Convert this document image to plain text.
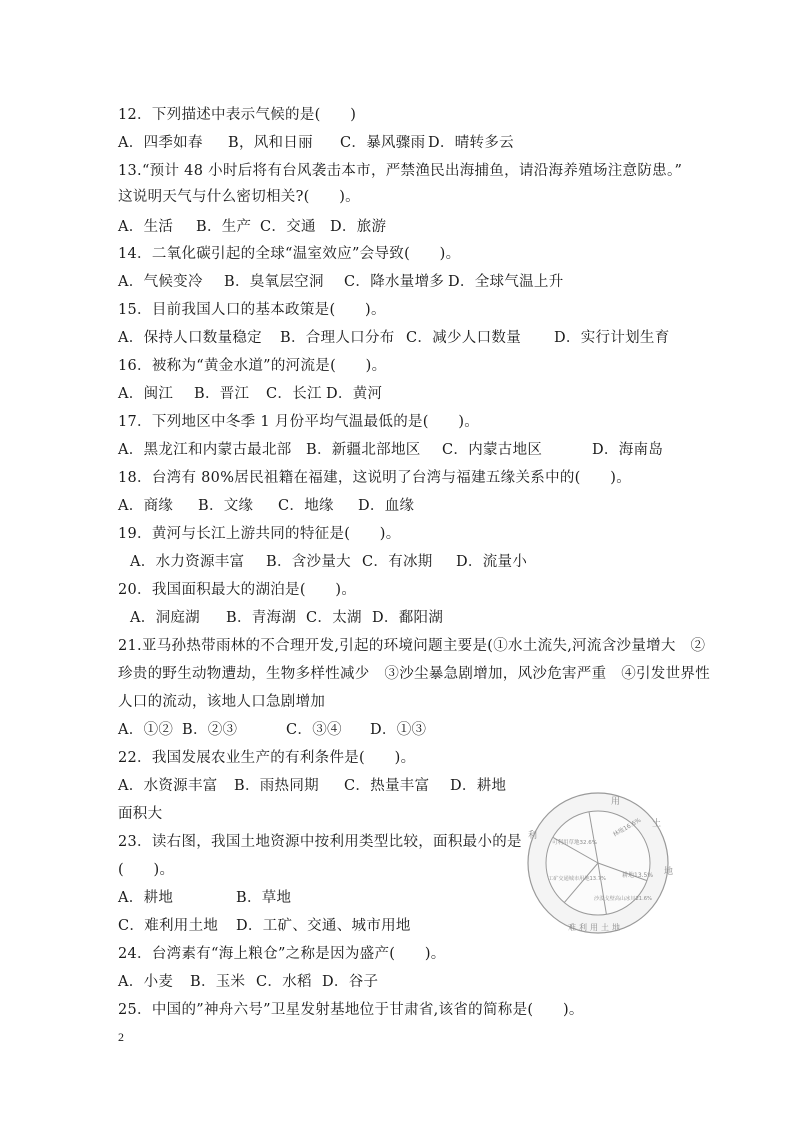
12．下列描述中表示气候的是(　　)
A．四季如春 B，风和日丽 C．暴风骤雨 D．晴转多云
13.“预计 48 小时后将有台风袭击本市，严禁渔民出海捕鱼，请沿海养殖场注意防患。”
这说明天气与什么密切相关?(　　)。
A．生活 B．生产 C．交通 D．旅游
14．二氧化碳引起的全球“温室效应”会导致(　　)。
A．气候变冷 B．臭氧层空洞 C．降水量增多 D．全球气温上升
15．目前我国人口的基本政策是(　　)。
A．保持人口数量稳定 B．合理人口分布 C．减少人口数量 D．实行计划生育
16．被称为“黄金水道”的河流是(　　)。
A．闽江 B．晋江 C．长江 D．黄河
17．下列地区中冬季 1 月份平均气温最低的是(　　)。
A．黑龙江和内蒙古最北部 B．新疆北部地区 C．内蒙古地区	D．海南岛
18．台湾有 80%居民祖籍在福建，这说明了台湾与福建五缘关系中的(　　)。
A．商缘 B．文缘 C．地缘 D．血缘
19．黄河与长江上游共同的特征是(　　)。
A．水力资源丰富 B．含沙量大 C．有冰期 D．流量小
20．我国面积最大的湖泊是(　　)。
A．洞庭湖 B．青海湖 C．太湖 D．鄱阳湖
21.亚马孙热带雨林的不合理开发,引起的环境问题主要是(①水土流失,河流含沙量增大　②
珍贵的野生动物遭劫，生物多样性减少　③沙尘暴急剧增加，风沙危害严重　④引发世界性
人口的流动，该地人口急剧增加
A．①② B．②③	C．③④ D．①③
22．我国发展农业生产的有利条件是(　　)。
A．水资源丰富 B．雨热同期 C．热量丰富 D．耕地
面积大
23．读右图，我国土地资源中按利用类型比较，面积最小的是
(　　)。
A．耕地	B．草地
C．难利用土地 D．工矿、交通、城市用地
24．台湾素有“海上粮仓”之称是因为盛产(　　)。
A．小麦 B．玉米 C．水稻 D．谷子
25．中国的”神舟六号”卫星发射基地位于甘肃省,该省的简称是(　　)。
用
土
地
利
难利用土地
可利用草地32.6%
林地16.6%
耕地13.5%
沙漠戈壁高山冰川21.6%
工矿交通城市用地13.7%
2
